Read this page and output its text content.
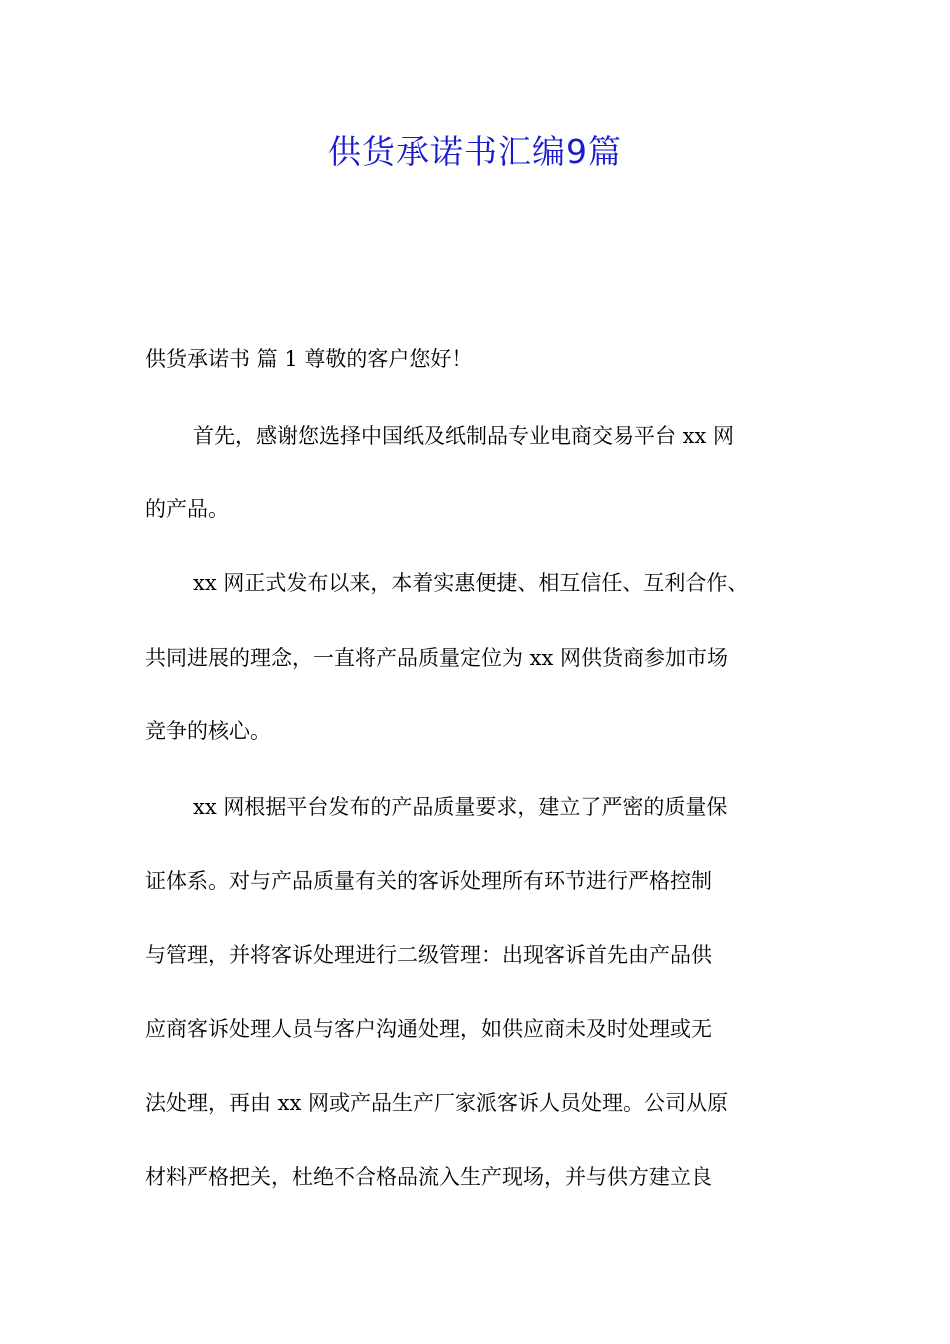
供货承诺书汇编9篇

供货承诺书 篇 1 尊敬的客户您好！

首先，感谢您选择中国纸及纸制品专业电商交易平台 xx 网

的产品。

xx 网正式发布以来，本着实惠便捷、相互信任、互利合作、

共同进展的理念，一直将产品质量定位为 xx 网供货商参加市场

竞争的核心。

xx 网根据平台发布的产品质量要求，建立了严密的质量保

证体系。对与产品质量有关的客诉处理所有环节进行严格控制

与管理，并将客诉处理进行二级管理：出现客诉首先由产品供

应商客诉处理人员与客户沟通处理，如供应商未及时处理或无

法处理，再由 xx 网或产品生产厂家派客诉人员处理。公司从原

材料严格把关，杜绝不合格品流入生产现场，并与供方建立良
